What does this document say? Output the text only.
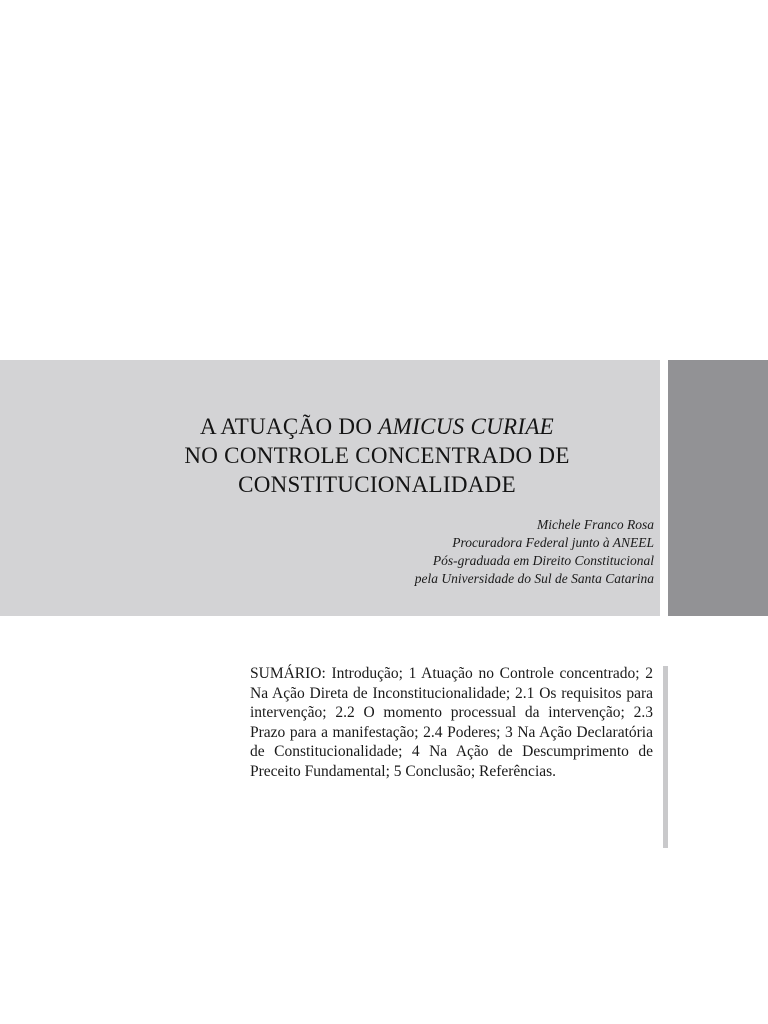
A ATUAÇÃO DO AMICUS CURIAE
NO CONTROLE CONCENTRADO DE
CONSTITUCIONALIDADE
Michele Franco Rosa
Procuradora Federal junto à ANEEL
Pós-graduada em Direito Constitucional
pela Universidade do Sul de Santa Catarina

SUMÁRIO: Introdução; 1 Atuação no Controle concentrado; 2 Na Ação Direta de Inconstitucionalidade; 2.1 Os requisitos para intervenção; 2.2 O momento processual da intervenção; 2.3 Prazo para a manifestação; 2.4 Poderes; 3 Na Ação Declaratória de Constitucionalidade; 4 Na Ação de Descumprimento de Preceito Fundamental; 5 Conclusão; Referências.
